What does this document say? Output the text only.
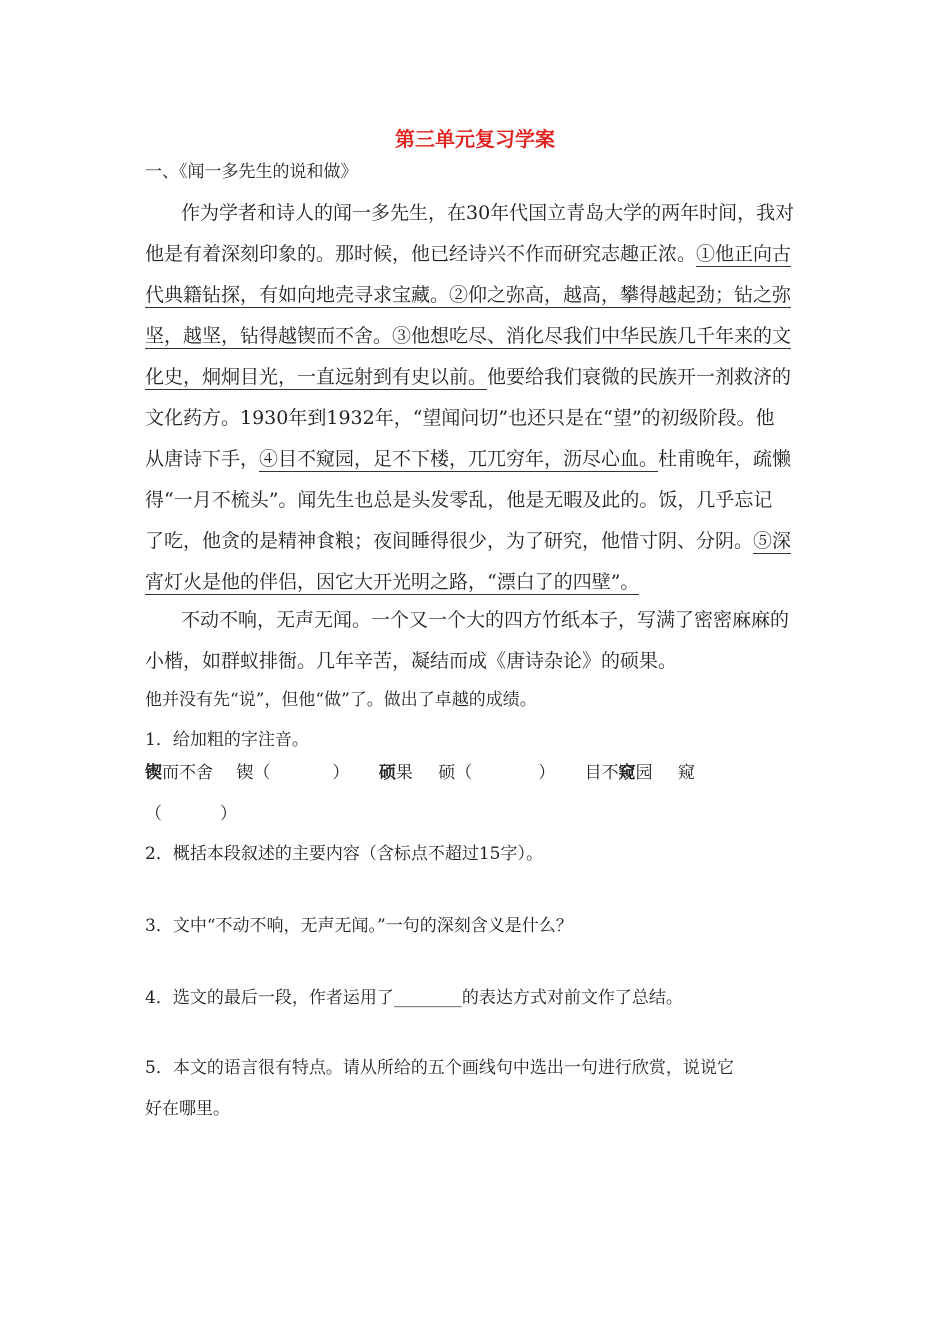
第三单元复习学案
一、《闻一多先生的说和做》
作为学者和诗人的闻一多先生，在30年代国立青岛大学的两年时间，我对
他是有着深刻印象的。那时候，他已经诗兴不作而研究志趣正浓。①他正向古
代典籍钻探，有如向地壳寻求宝藏。②仰之弥高，越高，攀得越起劲；钻之弥
坚，越坚，钻得越锲而不舍。③他想吃尽、消化尽我们中华民族几千年来的文
化史，炯炯目光，一直远射到有史以前。他要给我们衰微的民族开一剂救济的
文化药方。1930年到1932年，“望闻问切”也还只是在“望”的初级阶段。他
从唐诗下手，④目不窥园，足不下楼，兀兀穷年，沥尽心血。杜甫晚年，疏懒
得“一月不梳头”。闻先生也总是头发零乱，他是无暇及此的。饭，几乎忘记
了吃，他贪的是精神食粮；夜间睡得很少，为了研究，他惜寸阴、分阴。⑤深
宵灯火是他的伴侣，因它大开光明之路，“漂白了的四壁”。
不动不响，无声无闻。一个又一个大的四方竹纸本子，写满了密密麻麻的
小楷，如群蚁排衙。几年辛苦，凝结而成《唐诗杂论》的硕果。
他并没有先“说”，但他“做”了。做出了卓越的成绩。
1．给加粗的字注音。
锲而不舍 锲（	） 硕果 硕（	） 目不窥园 窥
（	）
2．概括本段叙述的主要内容（含标点不超过15字）。
3．文中“不动不响，无声无闻。”一句的深刻含义是什么？
4．选文的最后一段，作者运用了________的表达方式对前文作了总结。
5．本文的语言很有特点。请从所给的五个画线句中选出一句进行欣赏，说说它
好在哪里。
